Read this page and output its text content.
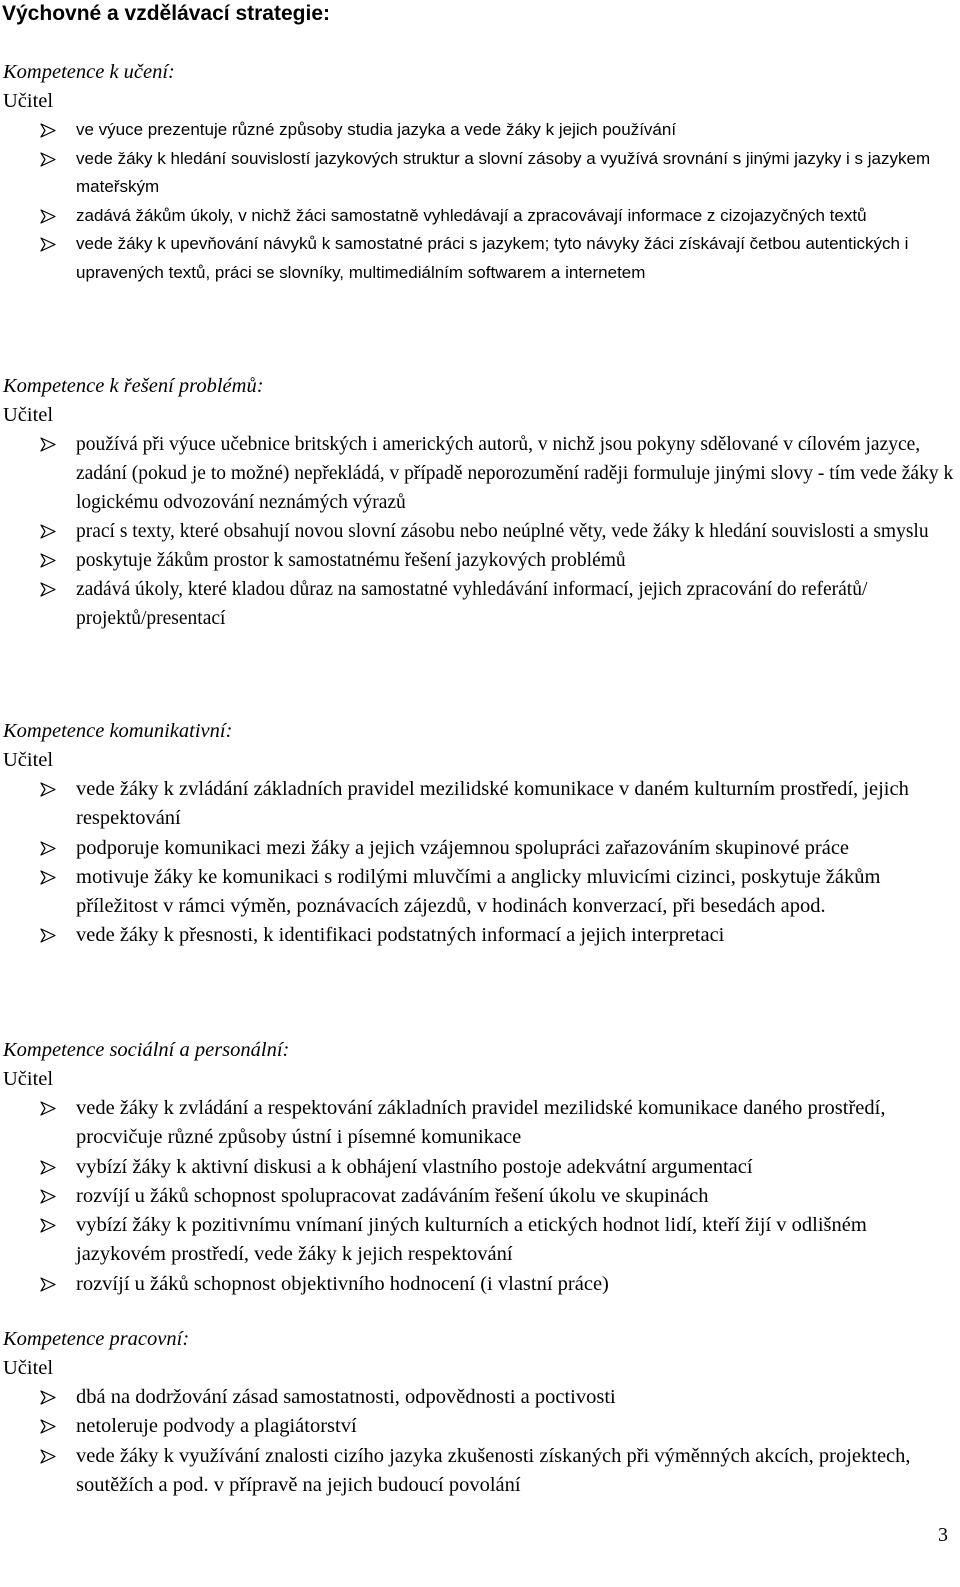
Výchovné a vzdělávací strategie:
Kompetence k učení:
Učitel
ve výuce prezentuje různé způsoby studia jazyka a vede žáky k jejich používání
vede žáky k hledání souvislostí jazykových struktur a slovní zásoby a využívá srovnání s jinými jazyky i s jazykem mateřským
zadává žákům úkoly, v nichž žáci samostatně vyhledávají a zpracovávají informace z cizojazyčných textů
vede žáky k upevňování návyků k samostatné práci s jazykem; tyto návyky žáci získávají četbou autentických i upravených textů, práci se slovníky, multimediálním softwarem a internetem
Kompetence k řešení problémů:
Učitel
používá při výuce učebnice britských i amerických autorů, v nichž jsou pokyny sdělované v cílovém jazyce, zadání (pokud je to možné) nepřekládá, v případě neporozumění raději formuluje jinými slovy - tím vede žáky k logickému odvozování neznámých výrazů
prací s texty, které obsahují novou slovní zásobu nebo neúplné věty, vede žáky k hledání souvislosti a smyslu
poskytuje žákům prostor k samostatnému řešení jazykových problémů
zadává úkoly, které kladou důraz na samostatné vyhledávání informací, jejich zpracování do referátů/ projektů/presentací
Kompetence komunikativní:
Učitel
vede žáky k zvládání základních pravidel mezilidské komunikace v daném kulturním prostředí, jejich respektování
podporuje komunikaci mezi žáky a jejich vzájemnou spolupráci zařazováním skupinové práce
motivuje žáky ke komunikaci s rodilými mluvčími a anglicky mluvicími cizinci, poskytuje žákům příležitost v rámci výměn, poznávacích zájezdů, v hodinách konverzací, při besedách apod.
vede žáky k přesnosti, k identifikaci podstatných informací a jejich interpretaci
Kompetence sociální a personální:
Učitel
vede žáky k zvládání a respektování základních pravidel mezilidské komunikace daného prostředí, procvičuje různé způsoby ústní i písemné komunikace
vybízí žáky k aktivní diskusi a k obhájení vlastního postoje adekvátní argumentací
rozvíjí u žáků schopnost spolupracovat zadáváním řešení úkolu ve skupinách
vybízí žáky k pozitivnímu vnímaní jiných kulturních a etických hodnot lidí, kteří žijí v odlišném jazykovém prostředí, vede žáky k jejich respektování
rozvíjí u žáků schopnost objektivního hodnocení (i vlastní práce)
Kompetence pracovní:
Učitel
dbá na dodržování zásad samostatnosti, odpovědnosti a poctivosti
netoleruje podvody a plagiátorství
vede žáky k využívání znalosti cizího jazyka zkušenosti získaných při výměnných akcích, projektech, soutěžích a pod. v přípravě na jejich budoucí povolání
3
